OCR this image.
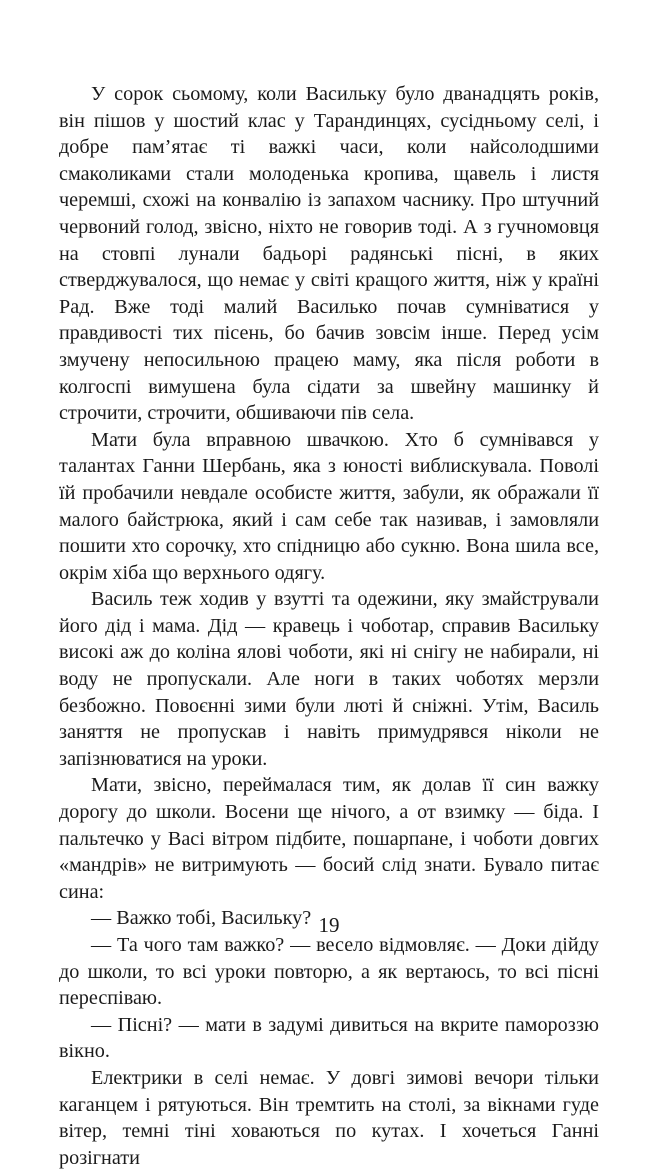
У сорок сьомому, коли Васильку було дванадцять років, він пішов у шостий клас у Тарандинцях, сусідньому селі, і добре пам’ятає ті важкі часи, коли найсолодшими смаколиками стали молоденька кропива, щавель і листя черемші, схожі на конвалію із запахом часнику. Про штучний червоний голод, звісно, ніхто не говорив тоді. А з гучномовця на стовпі лунали бадьорі радянські пісні, в яких стверджувалося, що немає у світі кращого життя, ніж у країні Рад. Вже тоді малий Василько почав сумніватися у правдивості тих пісень, бо бачив зовсім інше. Перед усім змучену непосильною працею маму, яка після роботи в колгоспі вимушена була сідати за швейну машинку й строчити, строчити, обшиваючи пів села.

Мати була вправною швачкою. Хто б сумнівався у талантах Ганни Шербань, яка з юності виблискувала. Поволі їй пробачили невдале особисте життя, забули, як ображали її малого байстрюка, який і сам себе так називав, і замовляли пошити хто сорочку, хто спідницю або сукню. Вона шила все, окрім хіба що верхнього одягу.

Василь теж ходив у взутті та одежини, яку змайстрували його дід і мама. Дід — кравець і чоботар, справив Васильку високі аж до коліна ялові чоботи, які ні снігу не набирали, ні воду не пропускали. Але ноги в таких чоботях мерзли безбожно. Повоєнні зими були люті й сніжні. Утім, Василь заняття не пропускав і навіть примудрявся ніколи не запізнюватися на уроки.

Мати, звісно, переймалася тим, як долав її син важку дорогу до школи. Восени ще нічого, а от взимку — біда. І пальтечко у Васі вітром підбите, пошарпане, і чоботи довгих «мандрів» не витримують — босий слід знати. Бувало питає сина:

— Важко тобі, Васильку?

— Та чого там важко? — весело відмовляє. — Доки дійду до школи, то всі уроки повторю, а як вертаюсь, то всі пісні переспіваю.

— Пісні? — мати в задумі дивиться на вкрите памороззю вікно.

Електрики в селі немає. У довгі зимові вечори тільки каганцем і рятуються. Він тремтить на столі, за вікнами гуде вітер, темні тіні ховаються по кутах. І хочеться Ганні розігнати

19
